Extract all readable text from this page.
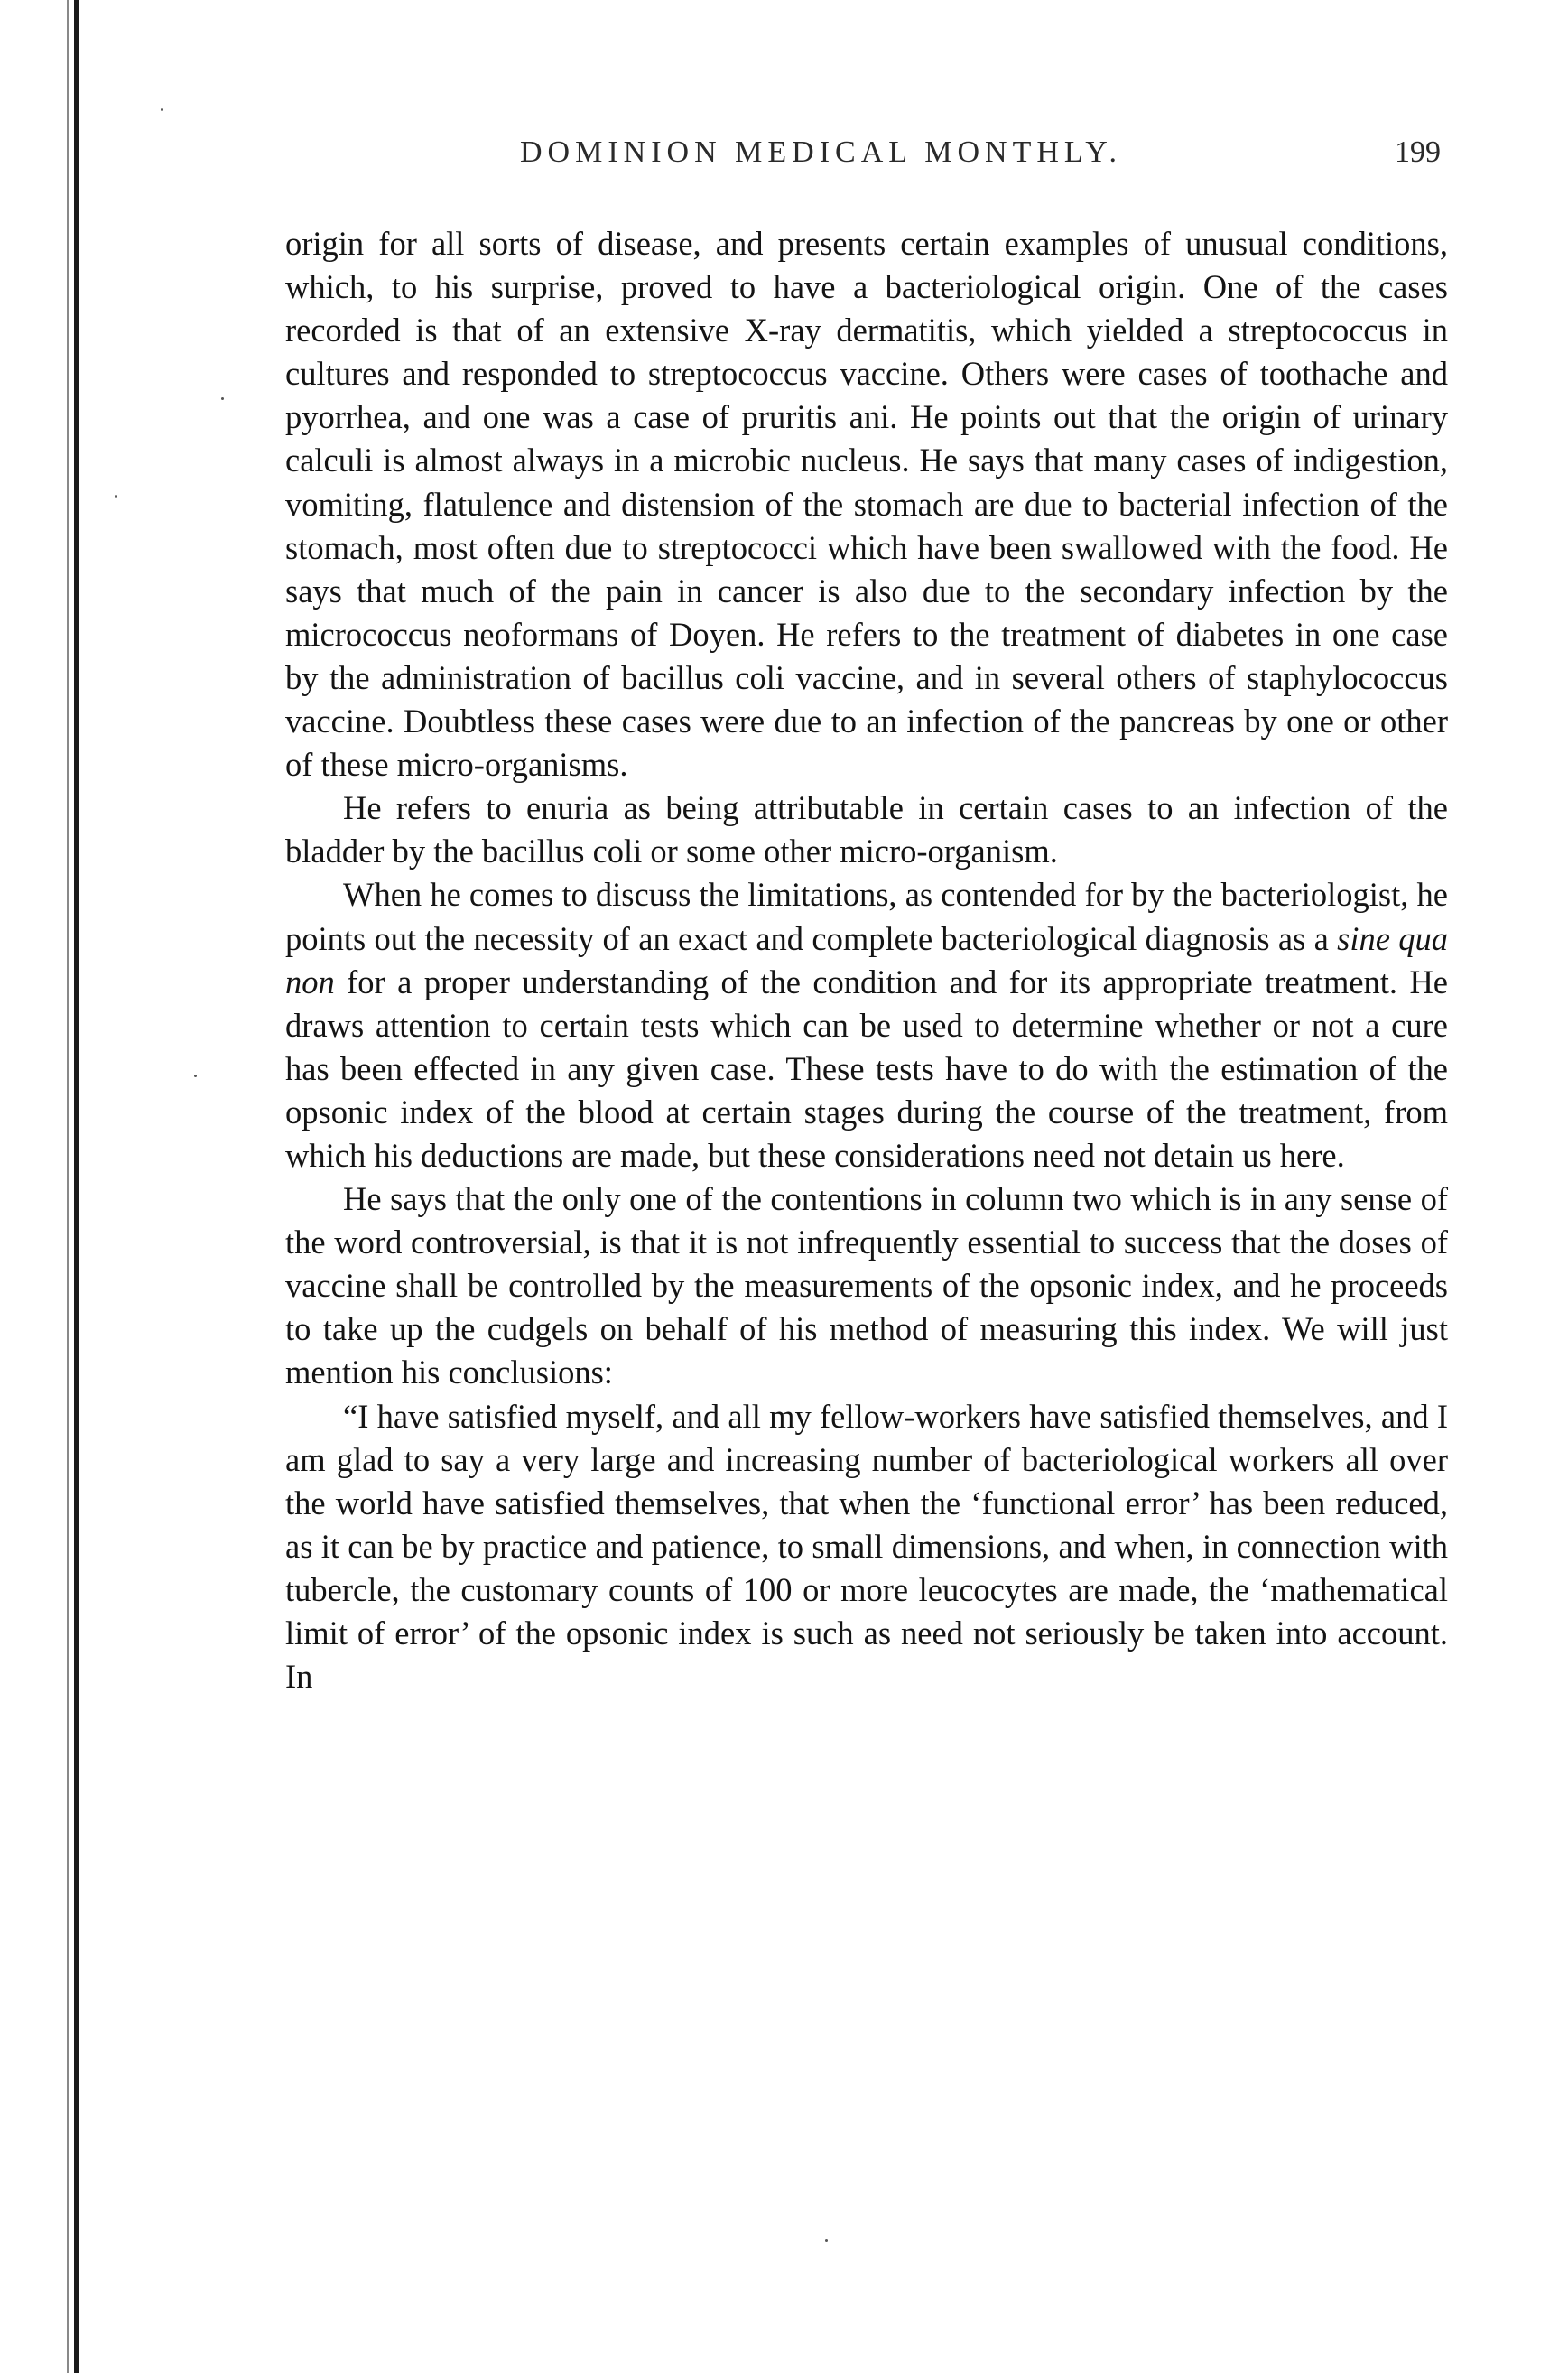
DOMINION MEDICAL MONTHLY.	199

origin for all sorts of disease, and presents certain examples of unusual conditions, which, to his surprise, proved to have a bacteriological origin. One of the cases recorded is that of an extensive X-ray dermatitis, which yielded a streptococcus in cultures and responded to streptococcus vaccine. Others were cases of toothache and pyorrhea, and one was a case of pruritis ani. He points out that the origin of urinary calculi is almost always in a microbic nucleus. He says that many cases of indigestion, vomiting, flatulence and distension of the stomach are due to bacterial infection of the stomach, most often due to streptococci which have been swallowed with the food. He says that much of the pain in cancer is also due to the secondary infection by the micrococcus neoformans of Doyen. He refers to the treatment of diabetes in one case by the administration of bacillus coli vaccine, and in several others of staphylococcus vaccine. Doubtless these cases were due to an infection of the pancreas by one or other of these micro-organisms.

He refers to enuria as being attributable in certain cases to an infection of the bladder by the bacillus coli or some other micro-organism.

When he comes to discuss the limitations, as contended for by the bacteriologist, he points out the necessity of an exact and complete bacteriological diagnosis as a sine qua non for a proper understanding of the condition and for its appropriate treatment. He draws attention to certain tests which can be used to determine whether or not a cure has been effected in any given case. These tests have to do with the estimation of the opsonic index of the blood at certain stages during the course of the treatment, from which his deductions are made, but these considerations need not detain us here.

He says that the only one of the contentions in column two which is in any sense of the word controversial, is that it is not infrequently essential to success that the doses of vaccine shall be controlled by the measurements of the opsonic index, and he proceeds to take up the cudgels on behalf of his method of measuring this index. We will just mention his conclusions:

“I have satisfied myself, and all my fellow-workers have satisfied themselves, and I am glad to say a very large and increasing number of bacteriological workers all over the world have satisfied themselves, that when the ‘functional error’ has been reduced, as it can be by practice and patience, to small dimensions, and when, in connection with tubercle, the customary counts of 100 or more leucocytes are made, the ‘mathematical limit of error’ of the opsonic index is such as need not seriously be taken into account. In
